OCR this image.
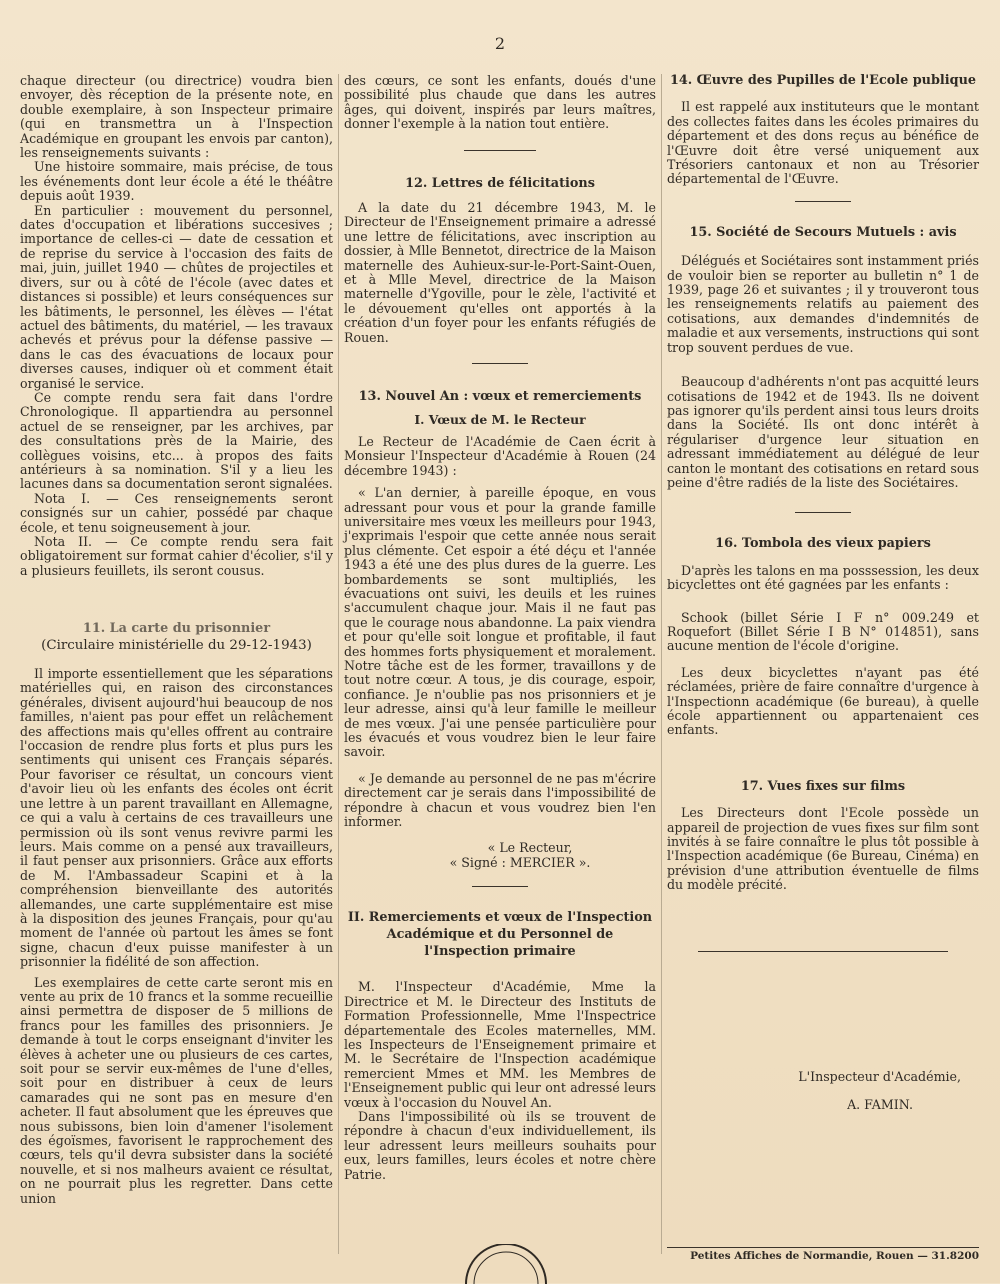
2

chaque directeur (ou directrice) voudra bien envoyer, dès réception de la présente note, en double exemplaire, à son Inspecteur primaire (qui en transmettra un à l'Inspection Académique en groupant les envois par canton), les renseignements suivants :

Une histoire sommaire, mais précise, de tous les événements dont leur école a été le théâtre depuis août 1939.

En particulier : mouvement du personnel, dates d'occupation et libérations succesives ; importance de celles-ci — date de cessation et de reprise du service à l'occasion des faits de mai, juin, juillet 1940 — chûtes de projectiles et divers, sur ou à côté de l'école (avec dates et distances si possible) et leurs conséquences sur les bâtiments, le personnel, les élèves — l'état actuel des bâtiments, du matériel, — les travaux achevés et prévus pour la défense passive — dans le cas des évacuations de locaux pour diverses causes, indiquer où et comment était organisé le service.

Ce compte rendu sera fait dans l'ordre Chronologique. Il appartiendra au personnel actuel de se renseigner, par les archives, par des consultations près de la Mairie, des collègues voisins, etc... à propos des faits antérieurs à sa nomination. S'il y a lieu les lacunes dans sa documentation seront signalées.

Nota I. — Ces renseignements seront consignés sur un cahier, possédé par chaque école, et tenu soigneusement à jour.

Nota II. — Ce compte rendu sera fait obligatoirement sur format cahier d'écolier, s'il y a plusieurs feuillets, ils seront cousus.

11. La carte du prisonnier

(Circulaire ministérielle du 29-12-1943)

Il importe essentiellement que les séparations matérielles qui, en raison des circonstances générales, divisent aujourd'hui beaucoup de nos familles, n'aient pas pour effet un relâchement des affections mais qu'elles offrent au contraire l'occasion de rendre plus forts et plus purs les sentiments qui unisent ces Français séparés. Pour favoriser ce résultat, un concours vient d'avoir lieu où les enfants des écoles ont écrit une lettre à un parent travaillant en Allemagne, ce qui a valu à certains de ces travailleurs une permission où ils sont venus revivre parmi les leurs. Mais comme on a pensé aux travailleurs, il faut penser aux prisonniers. Grâce aux efforts de M. l'Ambassadeur Scapini et à la compréhension bienveillante des autorités allemandes, une carte supplémentaire est mise à la disposition des jeunes Français, pour qu'au moment de l'année où partout les âmes se font signe, chacun d'eux puisse manifester à un prisonnier la fidélité de son affection.

Les exemplaires de cette carte seront mis en vente au prix de 10 francs et la somme recueillie ainsi permettra de disposer de 5 millions de francs pour les familles des prisonniers. Je demande à tout le corps enseignant d'inviter les élèves à acheter une ou plusieurs de ces cartes, soit pour se servir eux-mêmes de l'une d'elles, soit pour en distribuer à ceux de leurs camarades qui ne sont pas en mesure d'en acheter. Il faut absolument que les épreuves que nous subissons, bien loin d'amener l'isolement des égoïsmes, favorisent le rapprochement des cœurs, tels qu'il devra subsister dans la société nouvelle, et si nos malheurs avaient ce résultat, on ne pourrait plus les regretter. Dans cette union

des cœurs, ce sont les enfants, doués d'une possibilité plus chaude que dans les autres âges, qui doivent, inspirés par leurs maîtres, donner l'exemple à la nation tout entière.

12. Lettres de félicitations

A la date du 21 décembre 1943, M. le Directeur de l'Enseignement primaire a adressé une lettre de félicitations, avec inscription au dossier, à Mlle Bennetot, directrice de la Maison maternelle des Auhieux-sur-le-Port-Saint-Ouen, et à Mlle Mevel, directrice de la Maison maternelle d'Ygoville, pour le zèle, l'activité et le dévouement qu'elles ont apportés à la création d'un foyer pour les enfants réfugiés de Rouen.

13. Nouvel An : vœux et remerciements

I. Vœux de M. le Recteur

Le Recteur de l'Académie de Caen écrit à Monsieur l'Inspecteur d'Académie à Rouen (24 décembre 1943) :

« L'an dernier, à pareille époque, en vous adressant pour vous et pour la grande famille universitaire mes vœux les meilleurs pour 1943, j'exprimais l'espoir que cette année nous serait plus clémente. Cet espoir a été déçu et l'année 1943 a été une des plus dures de la guerre. Les bombardements se sont multipliés, les évacuations ont suivi, les deuils et les ruines s'accumulent chaque jour. Mais il ne faut pas que le courage nous abandonne. La paix viendra et pour qu'elle soit longue et profitable, il faut des hommes forts physiquement et moralement. Notre tâche est de les former, travaillons y de tout notre cœur. A tous, je dis courage, espoir, confiance. Je n'oublie pas nos prisonniers et je leur adresse, ainsi qu'à leur famille le meilleur de mes vœux. J'ai une pensée particulière pour les évacués et vous voudrez bien le leur faire savoir.

« Je demande au personnel de ne pas m'écrire directement car je serais dans l'impossibilité de répondre à chacun et vous voudrez bien l'en informer.

« Le Recteur,

« Signé : MERCIER ».

II. Remerciements et vœux de l'Inspection Académique et du Personnel de l'Inspection primaire

M. l'Inspecteur d'Académie, Mme la Directrice et M. le Directeur des Instituts de Formation Professionnelle, Mme l'Inspectrice départementale des Ecoles maternelles, MM. les Inspecteurs de l'Enseignement primaire et M. le Secrétaire de l'Inspection académique remercient Mmes et MM. les Membres de l'Enseignement public qui leur ont adressé leurs vœux à l'occasion du Nouvel An.

Dans l'impossibilité où ils se trouvent de répondre à chacun d'eux individuellement, ils leur adressent leurs meilleurs souhaits pour eux, leurs familles, leurs écoles et notre chère Patrie.

14. Œuvre des Pupilles de l'Ecole publique

Il est rappelé aux instituteurs que le montant des collectes faites dans les écoles primaires du département et des dons reçus au bénéfice de l'Œuvre doit être versé uniquement aux Trésoriers cantonaux et non au Trésorier départemental de l'Œuvre.

15. Société de Secours Mutuels : avis

Délégués et Sociétaires sont instamment priés de vouloir bien se reporter au bulletin n° 1 de 1939, page 26 et suivantes ; il y trouveront tous les renseignements relatifs au paiement des cotisations, aux demandes d'indemnités de maladie et aux versements, instructions qui sont trop souvent perdues de vue.

Beaucoup d'adhérents n'ont pas acquitté leurs cotisations de 1942 et de 1943. Ils ne doivent pas ignorer qu'ils perdent ainsi tous leurs droits dans la Société. Ils ont donc intérêt à régulariser d'urgence leur situation en adressant immédiatement au délégué de leur canton le montant des cotisations en retard sous peine d'être radiés de la liste des Sociétaires.

16. Tombola des vieux papiers

D'après les talons en ma posssession, les deux bicyclettes ont été gagnées par les enfants :

Schook (billet Série I F n° 009.249 et Roquefort (Billet Série I B N° 014851), sans aucune mention de l'école d'origine.

Les deux bicyclettes n'ayant pas été réclamées, prière de faire connaître d'urgence à l'Inspectionn académique (6e bureau), à quelle école appartiennent ou appartenaient ces enfants.

17. Vues fixes sur films

Les Directeurs dont l'Ecole possède un appareil de projection de vues fixes sur film sont invités à se faire connaître le plus tôt possible à l'Inspection académique (6e Bureau, Cinéma) en prévision d'une attribution éventuelle de films du modèle précité.

L'Inspecteur d'Académie,

A. FAMIN.

Petites Affiches de Normandie, Rouen — 31.8200
